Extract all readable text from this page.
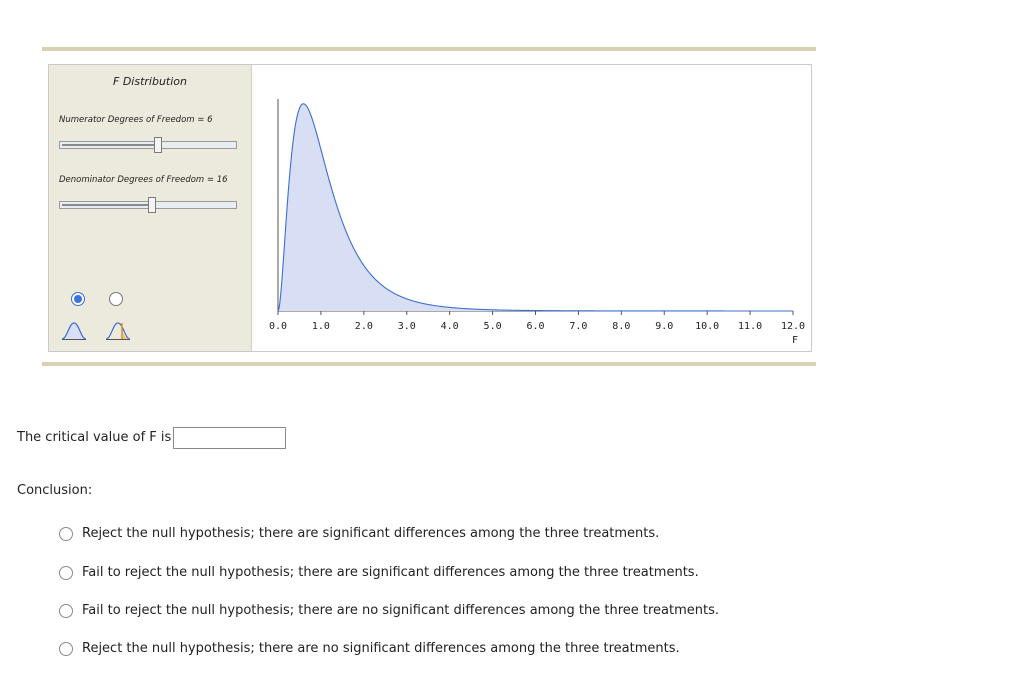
F Distribution
Numerator Degrees of Freedom = 6
Denominator Degrees of Freedom = 16
0.0 1.0 2.0 3.0 4.0 5.0 6.0 7.0 8.0 9.0 10.0 11.0 12.0
F
The critical value of F is
Conclusion:
Reject the null hypothesis; there are significant differences among the three treatments.
Fail to reject the null hypothesis; there are significant differences among the three treatments.
Fail to reject the null hypothesis; there are no significant differences among the three treatments.
Reject the null hypothesis; there are no significant differences among the three treatments.
